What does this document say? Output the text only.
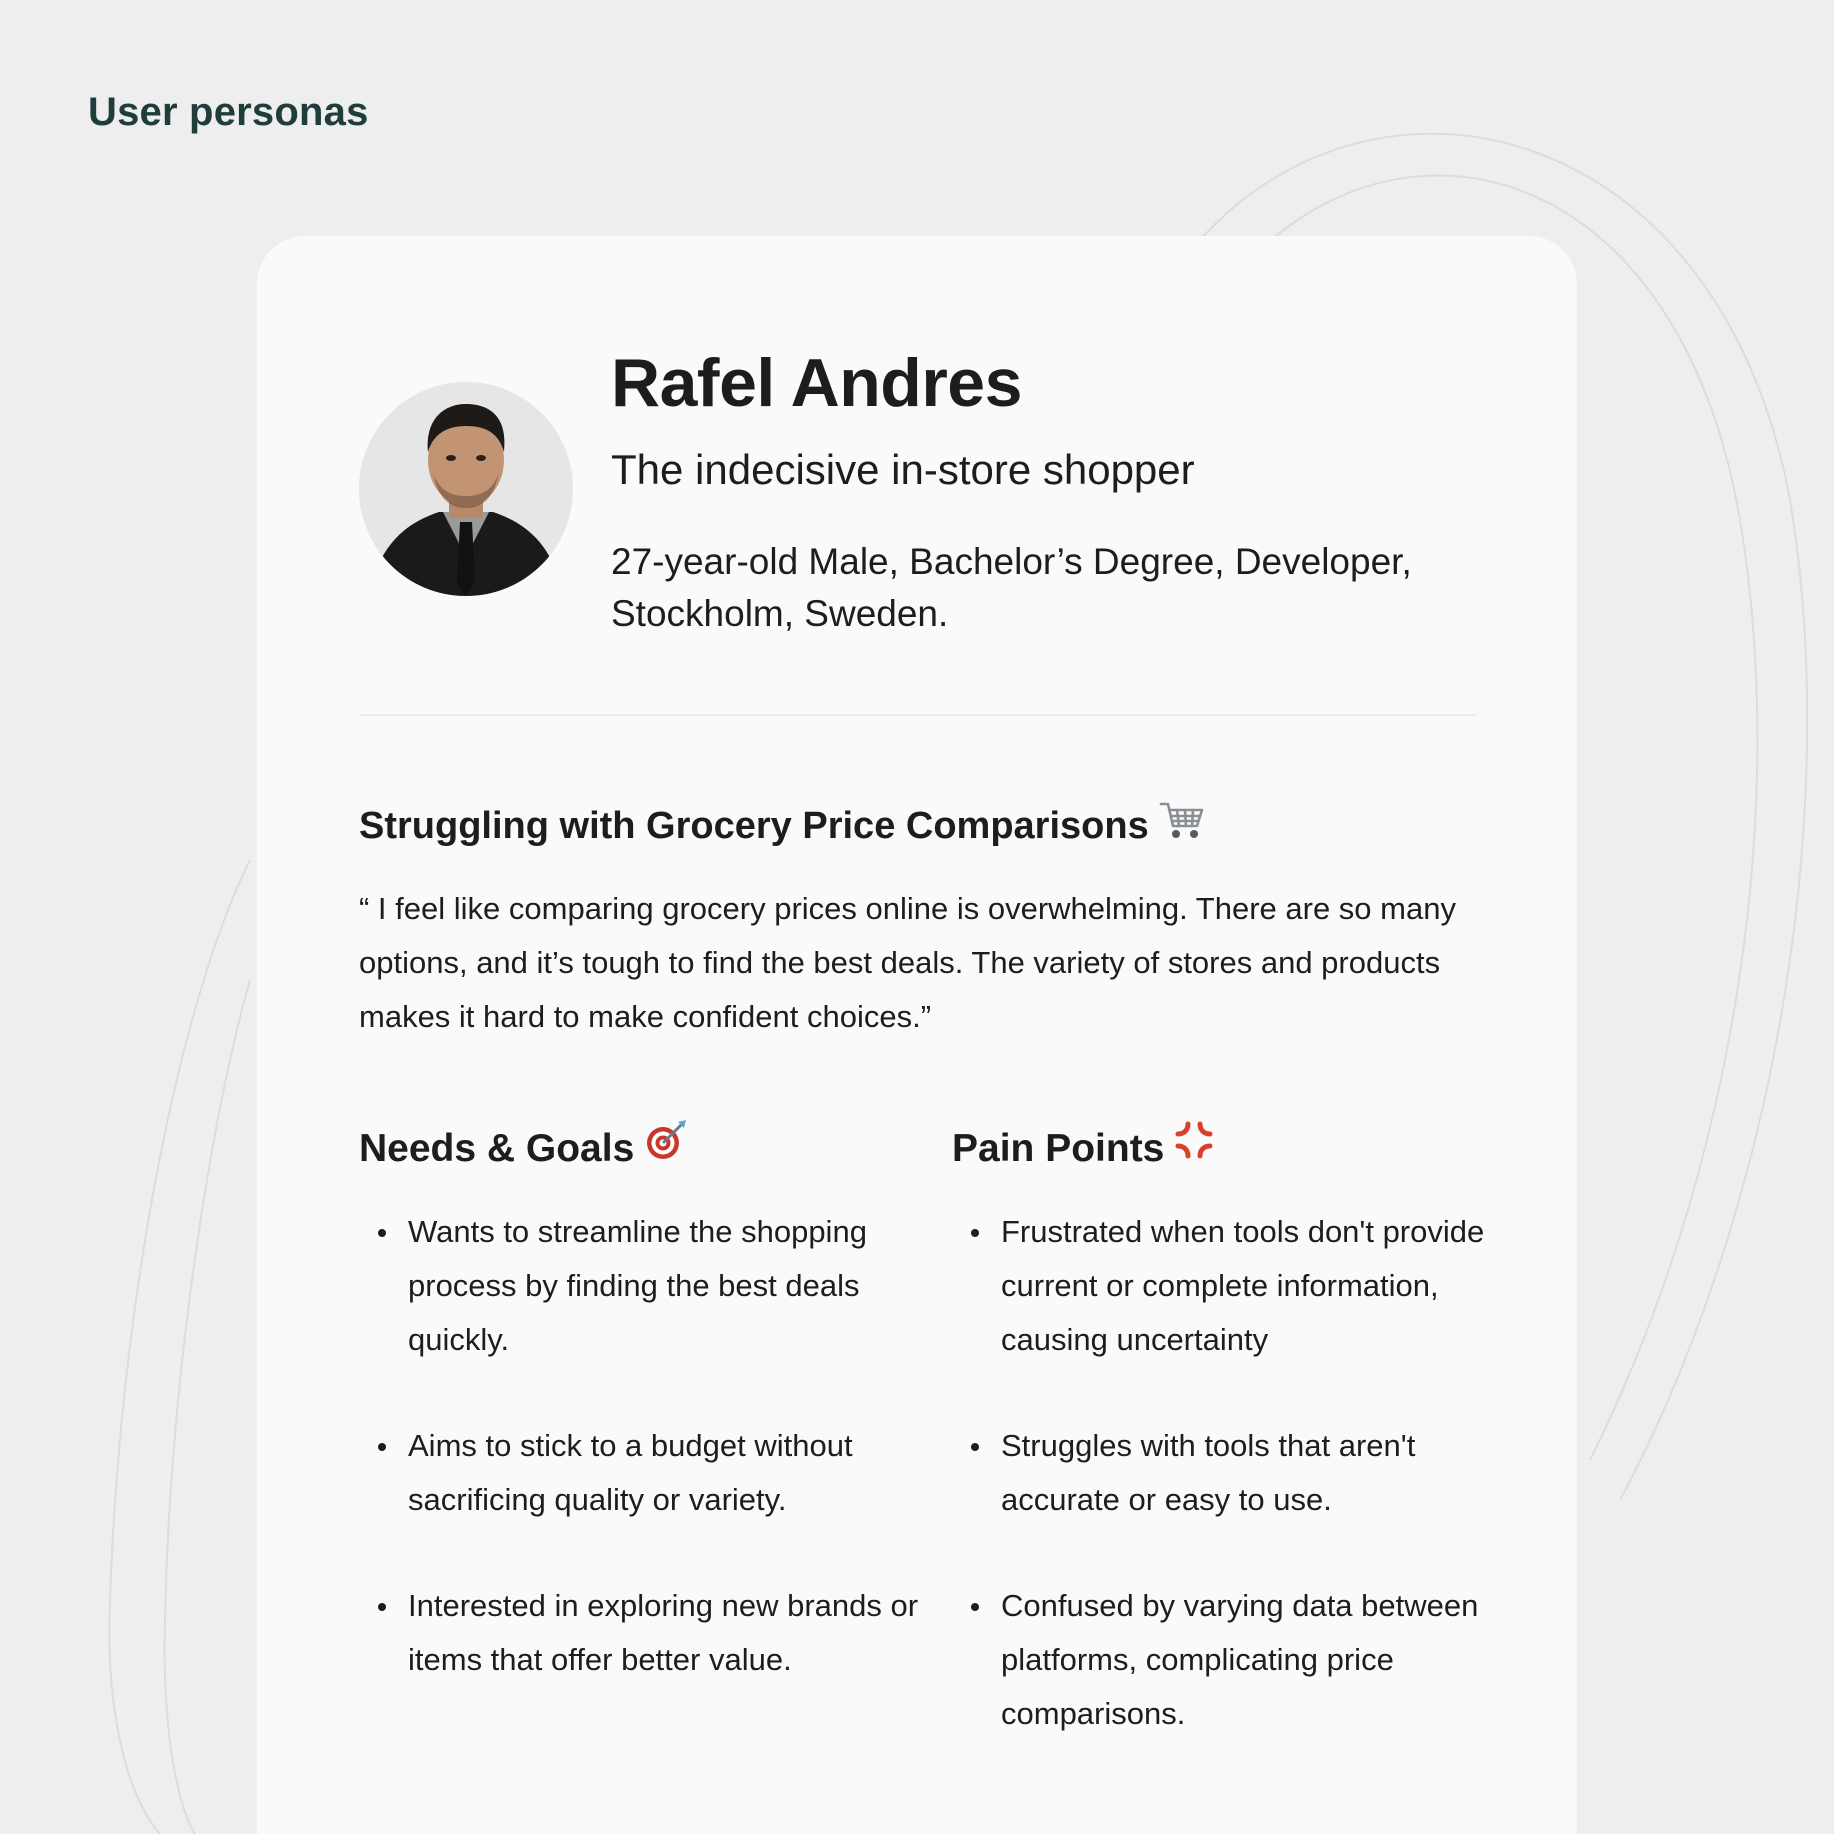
User personas
Rafel Andres

The indecisive in-store shopper

27-year-old Male, Bachelor’s Degree, Developer, Stockholm, Sweden.

Struggling with Grocery Price Comparisons

“ I feel like comparing grocery prices online is overwhelming. There are so many options, and it’s tough to find the best deals. The variety of stores and products makes it hard to make confident choices.”

Needs & Goals
Wants to streamline the shopping process by finding the best deals quickly.
Aims to stick to a budget without sacrificing quality or variety.
Interested in exploring new brands or items that offer better value.
Pain Points
Frustrated when tools don't provide current or complete information, causing uncertainty
Struggles with tools that aren't accurate or easy to use.
Confused by varying data between platforms, complicating price comparisons.
